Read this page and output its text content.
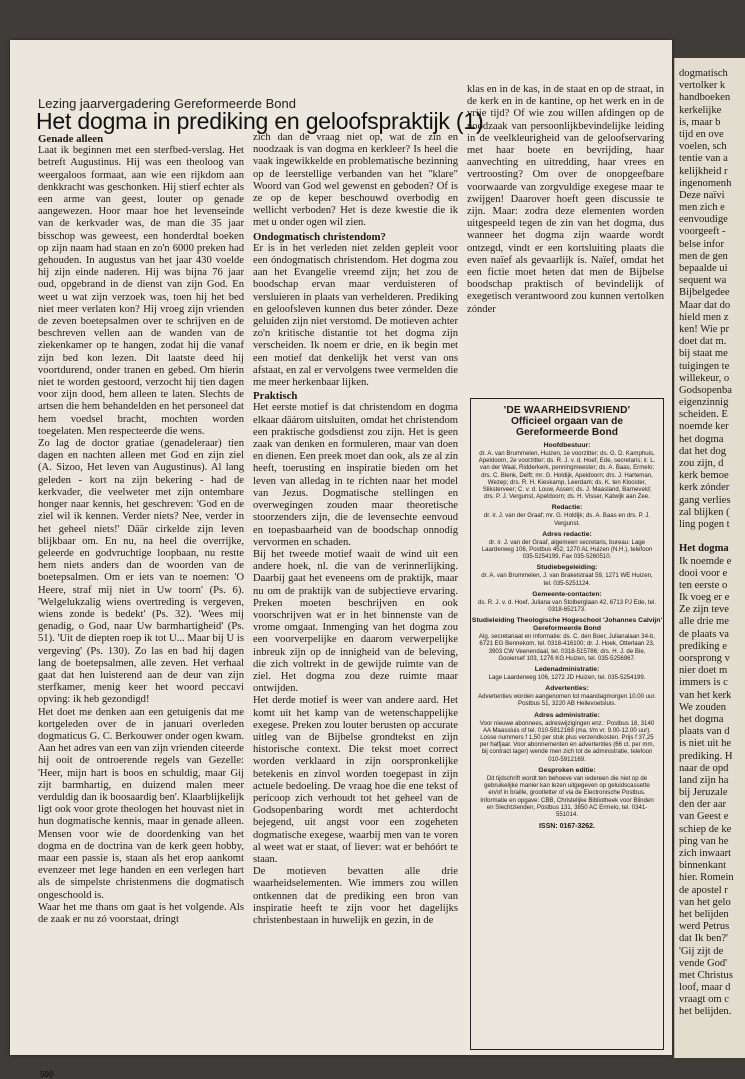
Lezing jaarvergadering Gereformeerde Bond
Het dogma in prediking en geloofspraktijk (1)
Genade alleen

Laat ik beginnen met een sterfbed-verslag. Het betreft Augustinus. Hij was een theoloog van weergaloos formaat, aan wie een rijkdom aan denkkracht was geschonken. Hij stierf echter als een arme van geest, louter op genade aangewezen. Hoor maar hoe het levenseinde van de kerkvader was, de man die 35 jaar bisschop was geweest, een honderdtal boeken op zijn naam had staan en zo'n 6000 preken had gehouden. In augustus van het jaar 430 voelde hij zijn einde naderen. Hij was bijna 76 jaar oud, opgebrand in de dienst van zijn God. En weet u wat zijn verzoek was, toen hij het bed niet meer verlaten kon? Hij vroeg zijn vrienden de zeven boetepsalmen over te schrijven en de beschreven vellen aan de wanden van de ziekenkamer op te hangen, zodat hij die vanaf zijn bed kon lezen. Dit laatste deed hij voortdurend, onder tranen en gebed. Om hierin niet te worden gestoord, verzocht hij tien dagen voor zijn dood, hem alleen te laten. Slechts de artsen die hem behandelden en het personeel dat hem voedsel bracht, mochten worden toegelaten. Men respecteerde die wens.

Zo lag de doctor gratiae (genadeleraar) tien dagen en nachten alleen met God en zijn ziel (A. Sizoo, Het leven van Augustinus). Al lang geleden - kort na zijn bekering - had de kerkvader, die veelweter met zijn ontembare honger naar kennis, het geschreven: 'God en de ziel wil ik kennen. Verder niets? Nee, verder in het geheel niets!' Däär cirkelde zijn leven blijkbaar om. En nu, na heel die overrijke, geleerde en godvruchtige loopbaan, nu restte hem niets anders dan de woorden van de boetepsalmen. Om er iets van te noemen: 'O Heere, straf mij niet in Uw toorn' (Ps. 6). 'Welgelukzalig wiens overtreding is vergeven, wiens zonde is bedekt' (Ps. 32). 'Wees mij genadig, o God, naar Uw barmhartigheid' (Ps. 51). 'Uit de diepten roep ik tot U... Maar bij U is vergeving' (Ps. 130). Zo las en bad hij dagen lang de boetepsalmen, alle zeven. Het verhaal gaat dat hen luisterend aan de deur van zijn sterfkamer, menig keer het woord peccavi opving: ik heb gezondigd!

Het doet me denken aan een getuigenis dat me kortgeleden over de in januari overleden dogmaticus G. C. Berkouwer onder ogen kwam. Aan het adres van een van zijn vrienden citeerde hij ooit de ontroerende regels van Gezelle: 'Heer, mijn hart is boos en schuldig, maar Gij zijt barmhartig, en duizend malen meer verduldig dan ik boosaardig ben'. Klaarblijkelijk ligt ook voor grote theologen het houvast niet in hun dogmatische kennis, maar in genade alleen. Mensen voor wie de doordenking van het dogma en de doctrina van de kerk geen hobby, maar een passie is, staan als het erop aankomt evenzeer met lege handen en een verlegen hart als de simpelste christenmens die dogmatisch ongeschoold is.

Waar het me thans om gaat is het volgende. Als de zaak er nu zó voorstaat, dringt

zich dan de vraag niet op, wat de zin en noodzaak is van dogma en kerkleer? Is heel die vaak ingewikkelde en problematische bezinning op de leerstellige verbanden van het "klare" Woord van God wel gewenst en geboden? Of is ze op de keper beschouwd overbodig en wellicht verboden? Het is deze kwestie die ik met u onder ogen wil zien.

Ondogmatisch christendom?

Er is in het verleden niet zelden gepleit voor een óndogmatisch christendom. Het dogma zou aan het Evangelie vreemd zijn; het zou de boodschap ervan maar verduisteren of versluieren in plaats van verhelderen. Prediking en geloofsleven kunnen dus beter zónder. Deze geluiden zijn niet verstomd. De motieven achter zo'n kritische distantie tot het dogma zijn verscheiden. Ik noem er drie, en ik begin met een motief dat denkelijk het verst van ons afstaat, en zal er vervolgens twee vermelden die me meer herkenbaar lijken.

Praktisch

Het eerste motief is dat christendom en dogma elkaar däárom uitsluiten, omdat het christendom een praktische godsdienst zou zijn. Het is geen zaak van denken en formuleren, maar van doen en dienen. Een preek moet dan ook, als ze al zin heeft, toerusting en inspiratie bieden om het leven van alledag in te richten naar het model van Jezus. Dogmatische stellingen en overwegingen zouden maar theoretische stoorzenders zijn, die de levensechte eenvoud en toepasbaarheid van de boodschap onnodig vervormen en schaden.

Bij het tweede motief waait de wind uit een andere hoek, nl. die van de verinnerlijking. Daarbij gaat het eveneens om de praktijk, maar nu om de praktijk van de subjectieve ervaring. Preken moeten beschrijven en ook voorschrijven wat er in het binnenste van de vrome omgaat. Inmenging van het dogma zou een voorverpelijke en daarom verwerpelijke inbreuk zijn op de innigheid van de beleving, die zich voltrekt in de gewijde ruimte van de ziel. Het dogma zou deze ruimte maar ontwijden.

Het derde motief is weer van andere aard. Het komt uit het kamp van de wetenschappelijke exegese. Preken zou louter berusten op accurate uitleg van de Bijbelse grondtekst en zijn historische context. Die tekst moet correct worden verklaard in zijn oorspronkelijke betekenis en zinvol worden toegepast in zijn actuele bedoeling. De vraag hoe die ene tekst of pericoop zich verhoudt tot het geheel van de Godsopenbaring wordt met achterdocht bejegend, uit angst voor een zogeheten dogmatische exegese, waarbij men van te voren al weet wat er staat, of liever: wat er behóórt te staan.

De motieven bevatten alle drie waarheidselementen. Wie immers zou willen ontkennen dat de prediking een bron van inspiratie heeft te zijn voor het dagelijks christenbestaan in huwelijk en gezin, in de

klas en in de kas, in de staat en op de straat, in de kerk en in de kantine, op het werk en in de vrije tijd? Of wie zou willen afdingen op de noodzaak van persoonlijkbevindelijke leiding in de veelkleurigheid van de geloofservaring met haar boete en bevrijding, haar aanvechting en uitredding, haar vrees en vertroosting? Om over de onopgeefbare voorwaarde van zorgvuldige exegese maar te zwijgen! Daarover hoeft geen discussie te zijn. Maar: zodra deze elementen worden uitgespeeld tegen de zin van het dogma, dus wanneer het dogma zijn waarde wordt ontzegd, vindt er een kortsluiting plaats die even naïef als gevaarlijk is. Naïef, omdat het een fictie moet heten dat men de Bijbelse boodschap praktisch of bevindelijk of exegetisch verantwoord zou kunnen vertolken zónder

'DE WAARHEIDSVRIEND'
Officieel orgaan van de Gereformeerde Bond
Hoofdbestuur:
dr. A. van Brummelen, Huizen, 1e voorzitter; ds. G. D. Kamphuis, Apeldoorn, 2e voorzitter; ds. R. J. v. d. Hoef, Ede, secretaris; ir. L. van der Waal, Ridderkerk, penningmeester; ds. A. Baas, Ermelo; drs. C. Blenk, Delft; mr. G. Holdijk, Apeldoorn; drs. J. Harteman, Wezep; drs. R. H. Kieskamp, Leerdam; ds. K. ten Klooster, Sliksterveer; C. v. d. Louw, Assen; ds. J. Maasland, Barneveld; drs. P. J. Vergunst, Apeldoorn; ds. H. Visser, Katwijk aan Zee.
Redactie:
dr. ir. J. van der Graaf; mr. G. Holdijk; ds. A. Baas en drs. P. J. Vergunst.
Adres redactie:
dr. ir. J. van der Graaf, algemeen secretaris, bureau: Lage Laarderweg 106, Postbus 452, 1270 AL Huizen (N.H.), telefoon 035-5254199, Fax 035-5260510.
Studiebegeleiding:
dr. A. van Brummelen, J. van Brakelstraat 59, 1271 WE Huizen, tel. 035-5251124.
Gemeente-contacten:
ds. R. J. v. d. Hoef, Juliana van Stolberglaan 42, 6713 PJ Ede, tel. 0318-652173.
Studieleiding Theologische Hogeschool 'Johannes Calvijn' Gereformeerde Bond
Alg. secretariaat en informatie: ds. C. den Boer, Julianalaan 34-b, 6721 EG Bennekom, tel. 0318-416100; dr. J. Hoek, Otterlaan 23, 3903 CW Veenendaal, tel. 0318-515786; drs. H. J. de Bie, Gooiersef 103, 1276 KG Huizen, tel. 035-5256967.
Ledenadministratie:
Lage Laarderweg 106, 1272 JD Huizen, tel. 035-5254199.
Advertenties:
Advertenties worden aangenomen tot maandagmorgen 10.00 uur. Postbus 51, 3220 AB Hellevoetsluis.
Adres administratie:
Voor nieuwe abonnees, adreswijzigingen enz.: Postbus 18, 3140 AA Maassluis of tel. 010-5912169 (ma. t/m vr. 9.00-12.00 uur). Losse nummers f 1,50 per stuk plus verzendkosten. Prijs f 37,25 per halfjaar. Voor abonnementen en advertenties (66 ct. per mm, bij contract lager) wende men zich tot de administratie, telefoon 010-5912169.
Gesproken editie:
Dit tijdschrift wordt ten behoeve van iedereen die niet op de gebruikelijke manier kan lezen uitgegeven op geluidscassette en/of in braille, grootletter of via de Electronische Postbus. Informatie en opgave: CBB, Christelijke Bibliotheek voor Blinden en Slechtzienden, Postbus 131, 3850 AC Ermelo, tel. 0341-551014.
ISSN: 0167-3262.
500
dogmatisch
vertolker k
handboeken
kerkelijke
is, maar b
tijd en ove
voelen, sch
tentie van a
kelijkheid r
ingenomenh
Deze naïvi
men zich e
eenvoudige
voorgeeft -
belse infor
men de gen
bepaalde ui
sequent wa
Bijbelgedee
Maar dat do
hield men z
ken! Wie pr
doet dat m.
bij staat me
tuigingen te
willekeur, o
Godsopenba
eigenzinnig
scheiden. E
noemde ker
het dogma
dat het dog
zou zijn, d
kerk bemoe
kerk zónder
gang verlies
zal blijken (
ling pogen t
Het dogma
Ik noemde e
dooi voor e
ten eerste o
Ik voeg er e
Ze zijn teve
alle drie me
de plaats va
prediking e
oorsprong v
nier doet m
immers is c
van het kerk
We zouden
het dogma
plaats van d
is niet uit he
prediking. H
naar de opd
land zijn ha
bij Jeruzale
den der aar
van Geest e
schiep de ke
ping van he
zich inwaart
binnenkant
hier. Romein
de apostel r
van het gelo
het belijden
werd Petrus
dat Ik ben?'
'Gij zijt de
vende God'
met Christus
loof, maar d
vraagt om c
het belijden.
